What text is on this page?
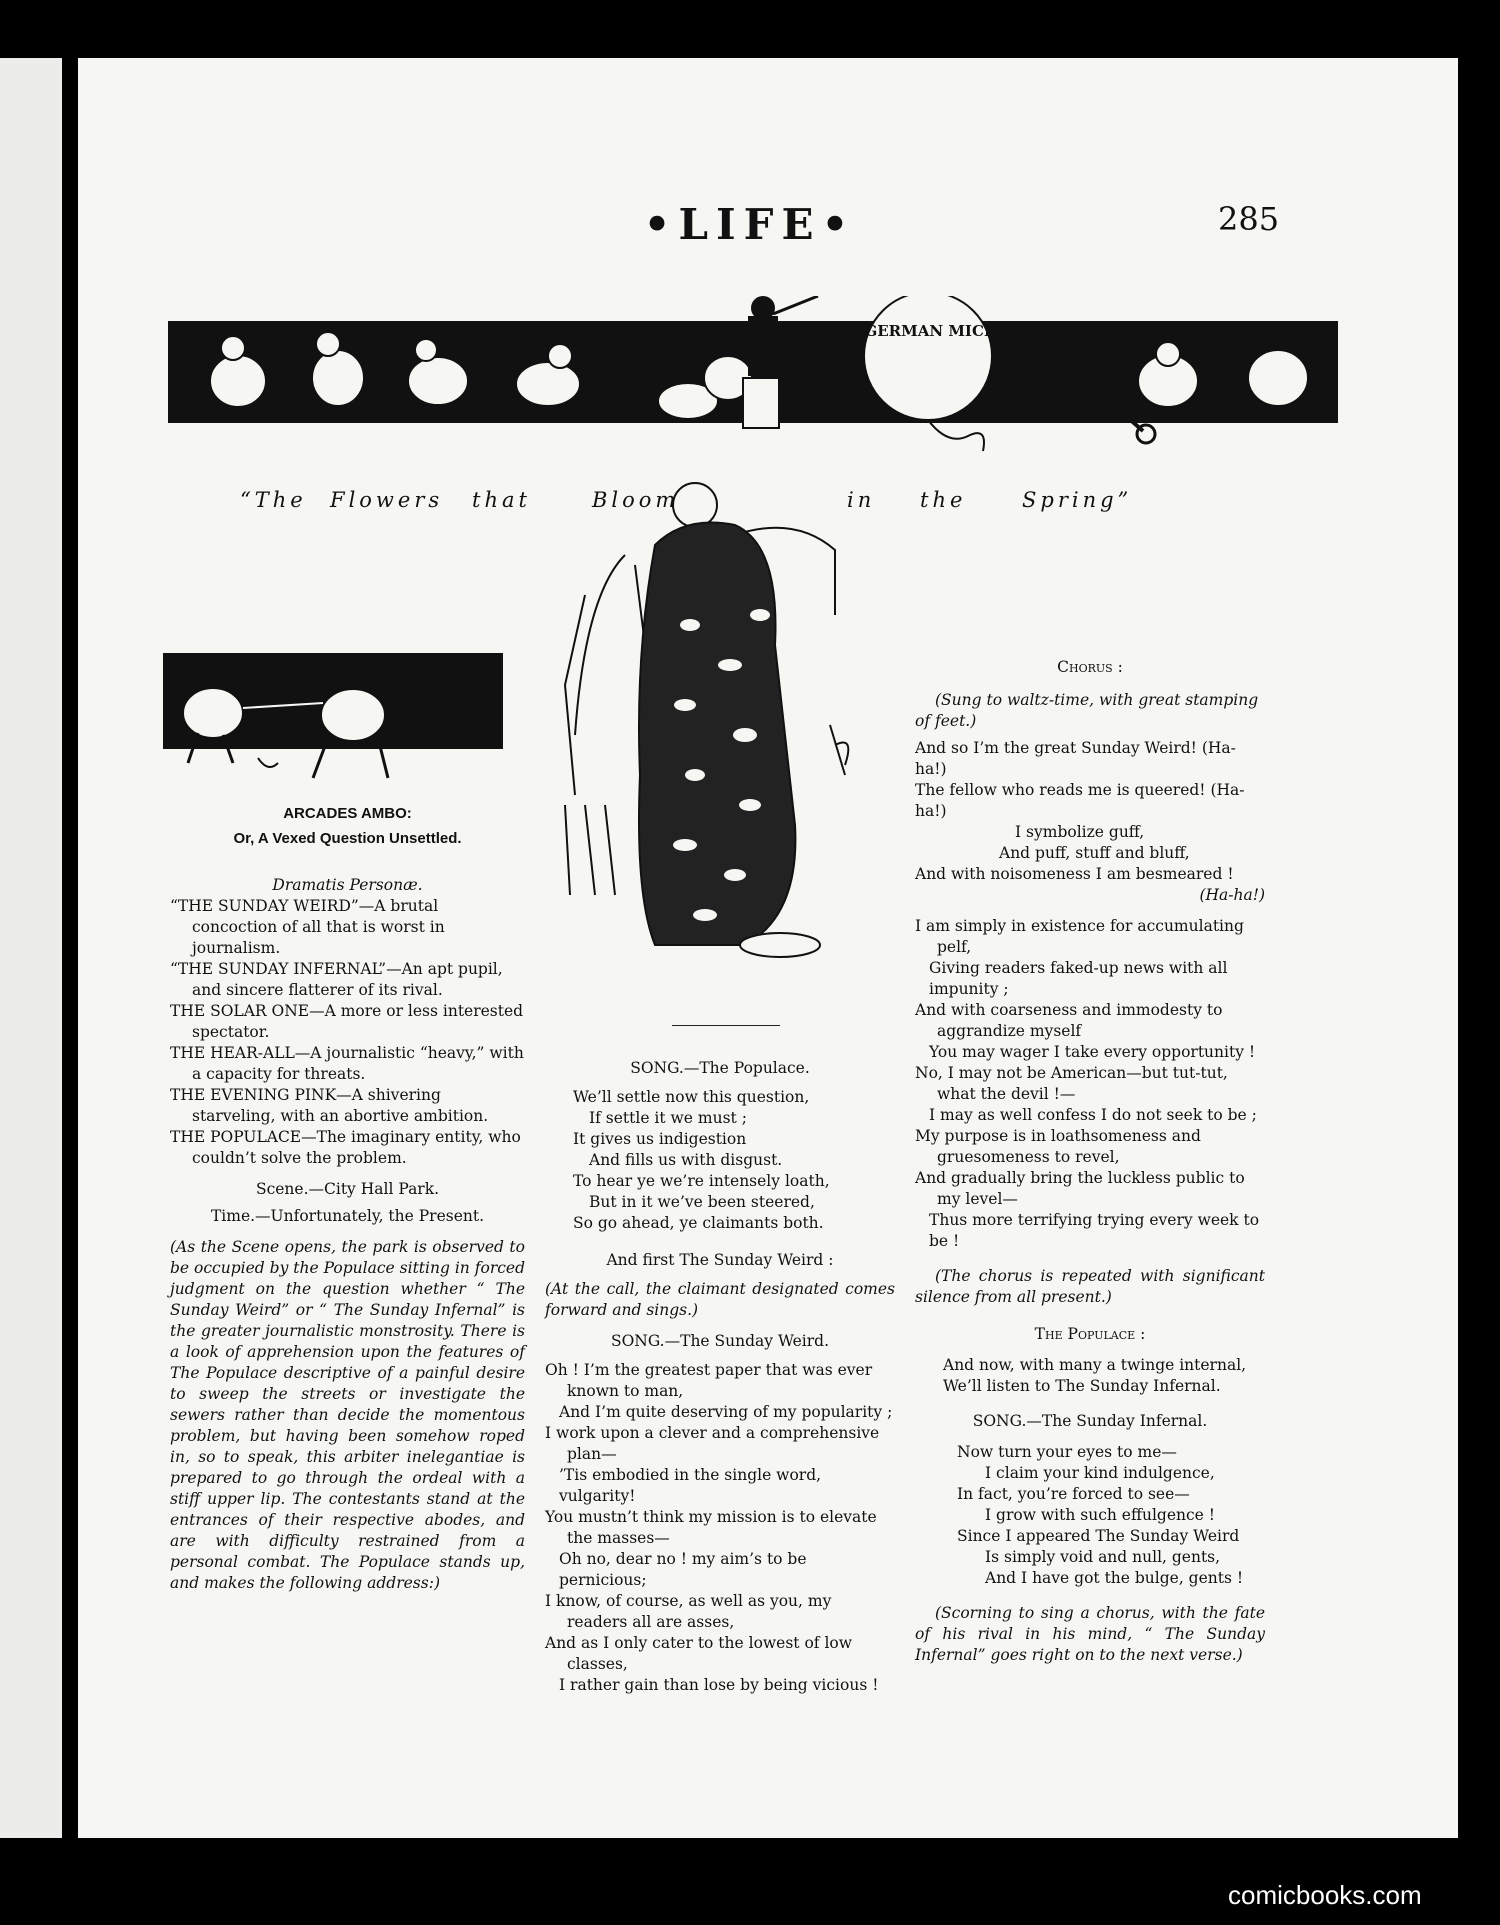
•LIFE•	285
THE GERMAN MICROBE
“The Flowers that	Bloom	in the	Spring”

ARCADES AMBO:

Or, A Vexed Question Unsettled.

Dramatis Personæ.

“THE SUNDAY WEIRD”—A brutal concoction of all that is worst in journalism.

“THE SUNDAY INFERNAL”—An apt pupil, and sincere flatterer of its rival.

THE SOLAR ONE—A more or less interested spectator.

THE HEAR-ALL—A journalistic “heavy,” with a capacity for threats.

THE EVENING PINK—A shivering starveling, with an abortive ambition.

THE POPULACE—The imaginary entity, who couldn’t solve the problem.

Scene.—City Hall Park.

Time.—Unfortunately, the Present.

(As the Scene opens, the park is observed to be occupied by the Populace sitting in forced judgment on the question whether “ The Sunday Weird” or “ The Sunday Infernal” is the greater journalistic monstrosity. There is a look of apprehension upon the features of The Populace descriptive of a painful desire to sweep the streets or investigate the sewers rather than decide the momentous problem, but having been somehow roped in, so to speak, this arbiter inelegantiae is prepared to go through the ordeal with a stiff upper lip. The contestants stand at the entrances of their respective abodes, and are with difficulty restrained from a personal combat. The Populace stands up, and makes the following address:)

SONG.—The Populace.

We’ll settle now this question,

If settle it we must ;

It gives us indigestion

And fills us with disgust.

To hear ye we’re intensely loath,

But in it we’ve been steered,

So go ahead, ye claimants both.

And first The Sunday Weird :

(At the call, the claimant designated comes forward and sings.)

SONG.—The Sunday Weird.

Oh ! I’m the greatest paper that was ever known to man,

And I’m quite deserving of my popularity ;

I work upon a clever and a comprehensive plan—

’Tis embodied in the single word, vulgarity!

You mustn’t think my mission is to elevate the masses—

Oh no, dear no ! my aim’s to be pernicious;

I know, of course, as well as you, my readers all are asses,

And as I only cater to the lowest of low classes,

I rather gain than lose by being vicious !

Chorus :

(Sung to waltz-time, with great stamping of feet.)

And so I’m the great Sunday Weird! (Ha-ha!)

The fellow who reads me is queered! (Ha-ha!)

I symbolize guff,

And puff, stuff and bluff,

And with noisomeness I am besmeared !

(Ha-ha!)

I am simply in existence for accumulating pelf,

Giving readers faked-up news with all impunity ;

And with coarseness and immodesty to aggrandize myself

You may wager I take every opportunity !

No, I may not be American—but tut-tut, what the devil !—

I may as well confess I do not seek to be ;

My purpose is in loathsomeness and gruesomeness to revel,

And gradually bring the luckless public to my level—

Thus more terrifying trying every week to be !

(The chorus is repeated with significant silence from all present.)

The Populace :

And now, with many a twinge internal,

We’ll listen to The Sunday Infernal.

SONG.—The Sunday Infernal.

Now turn your eyes to me—

I claim your kind indulgence,

In fact, you’re forced to see—

I grow with such effulgence !

Since I appeared The Sunday Weird

Is simply void and null, gents,

And I have got the bulge, gents !

(Scorning to sing a chorus, with the fate of his rival in his mind, “ The Sunday Infernal” goes right on to the next verse.)

comicbooks.com
